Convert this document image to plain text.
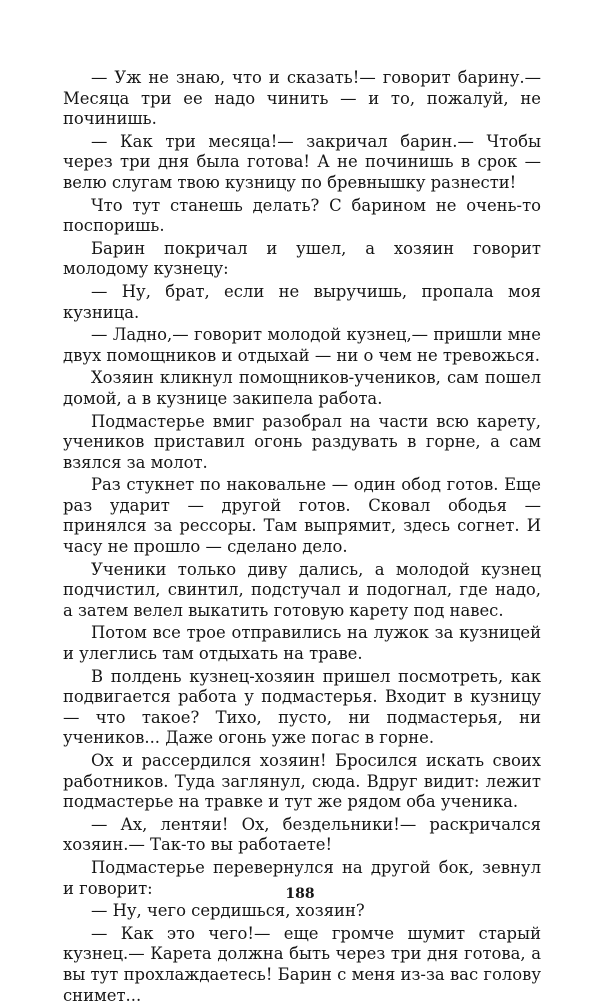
— Уж не знаю, что и сказать!— говорит барину.— Месяца три ее надо чинить — и то, пожалуй, не починишь.

— Как три месяца!— закричал барин.— Чтобы через три дня была готова! А не починишь в срок — велю слугам твою кузницу по бревнышку разнести!

Что тут станешь делать? С барином не очень-то поспоришь.

Барин покричал и ушел, а хозяин говорит молодому кузнецу:

— Ну, брат, если не выручишь, пропала моя кузница.

— Ладно,— говорит молодой кузнец,— пришли мне двух помощников и отдыхай — ни о чем не тревожься.

Хозяин кликнул помощников-учеников, сам пошел домой, а в кузнице закипела работа.

Подмастерье вмиг разобрал на части всю карету, учеников приставил огонь раздувать в горне, а сам взялся за молот.

Раз стукнет по наковальне — один обод готов. Еще раз ударит — другой готов. Сковал ободья — принялся за рессоры. Там выпрямит, здесь согнет. И часу не прошло — сделано дело.

Ученики только диву дались, а молодой кузнец подчистил, свинтил, подстучал и подогнал, где надо, а затем велел выкатить готовую карету под навес.

Потом все трое отправились на лужок за кузницей и улеглись там отдыхать на траве.

В полдень кузнец-хозяин пришел посмотреть, как подвигается работа у подмастерья. Входит в кузницу — что такое? Тихо, пусто, ни подмастерья, ни учеников... Даже огонь уже погас в горне.

Ох и рассердился хозяин! Бросился искать своих работников. Туда заглянул, сюда. Вдруг видит: лежит подмастерье на травке и тут же рядом оба ученика.

— Ах, лентяи! Ох, бездельники!— раскричался хозяин.— Так-то вы работаете!

Подмастерье перевернулся на другой бок, зевнул и говорит:

— Ну, чего сердишься, хозяин?

— Как это чего!— еще громче шумит старый кузнец.— Карета должна быть через три дня готова, а вы тут прохлаждаетесь! Барин с меня из-за вас голову снимет...

188
